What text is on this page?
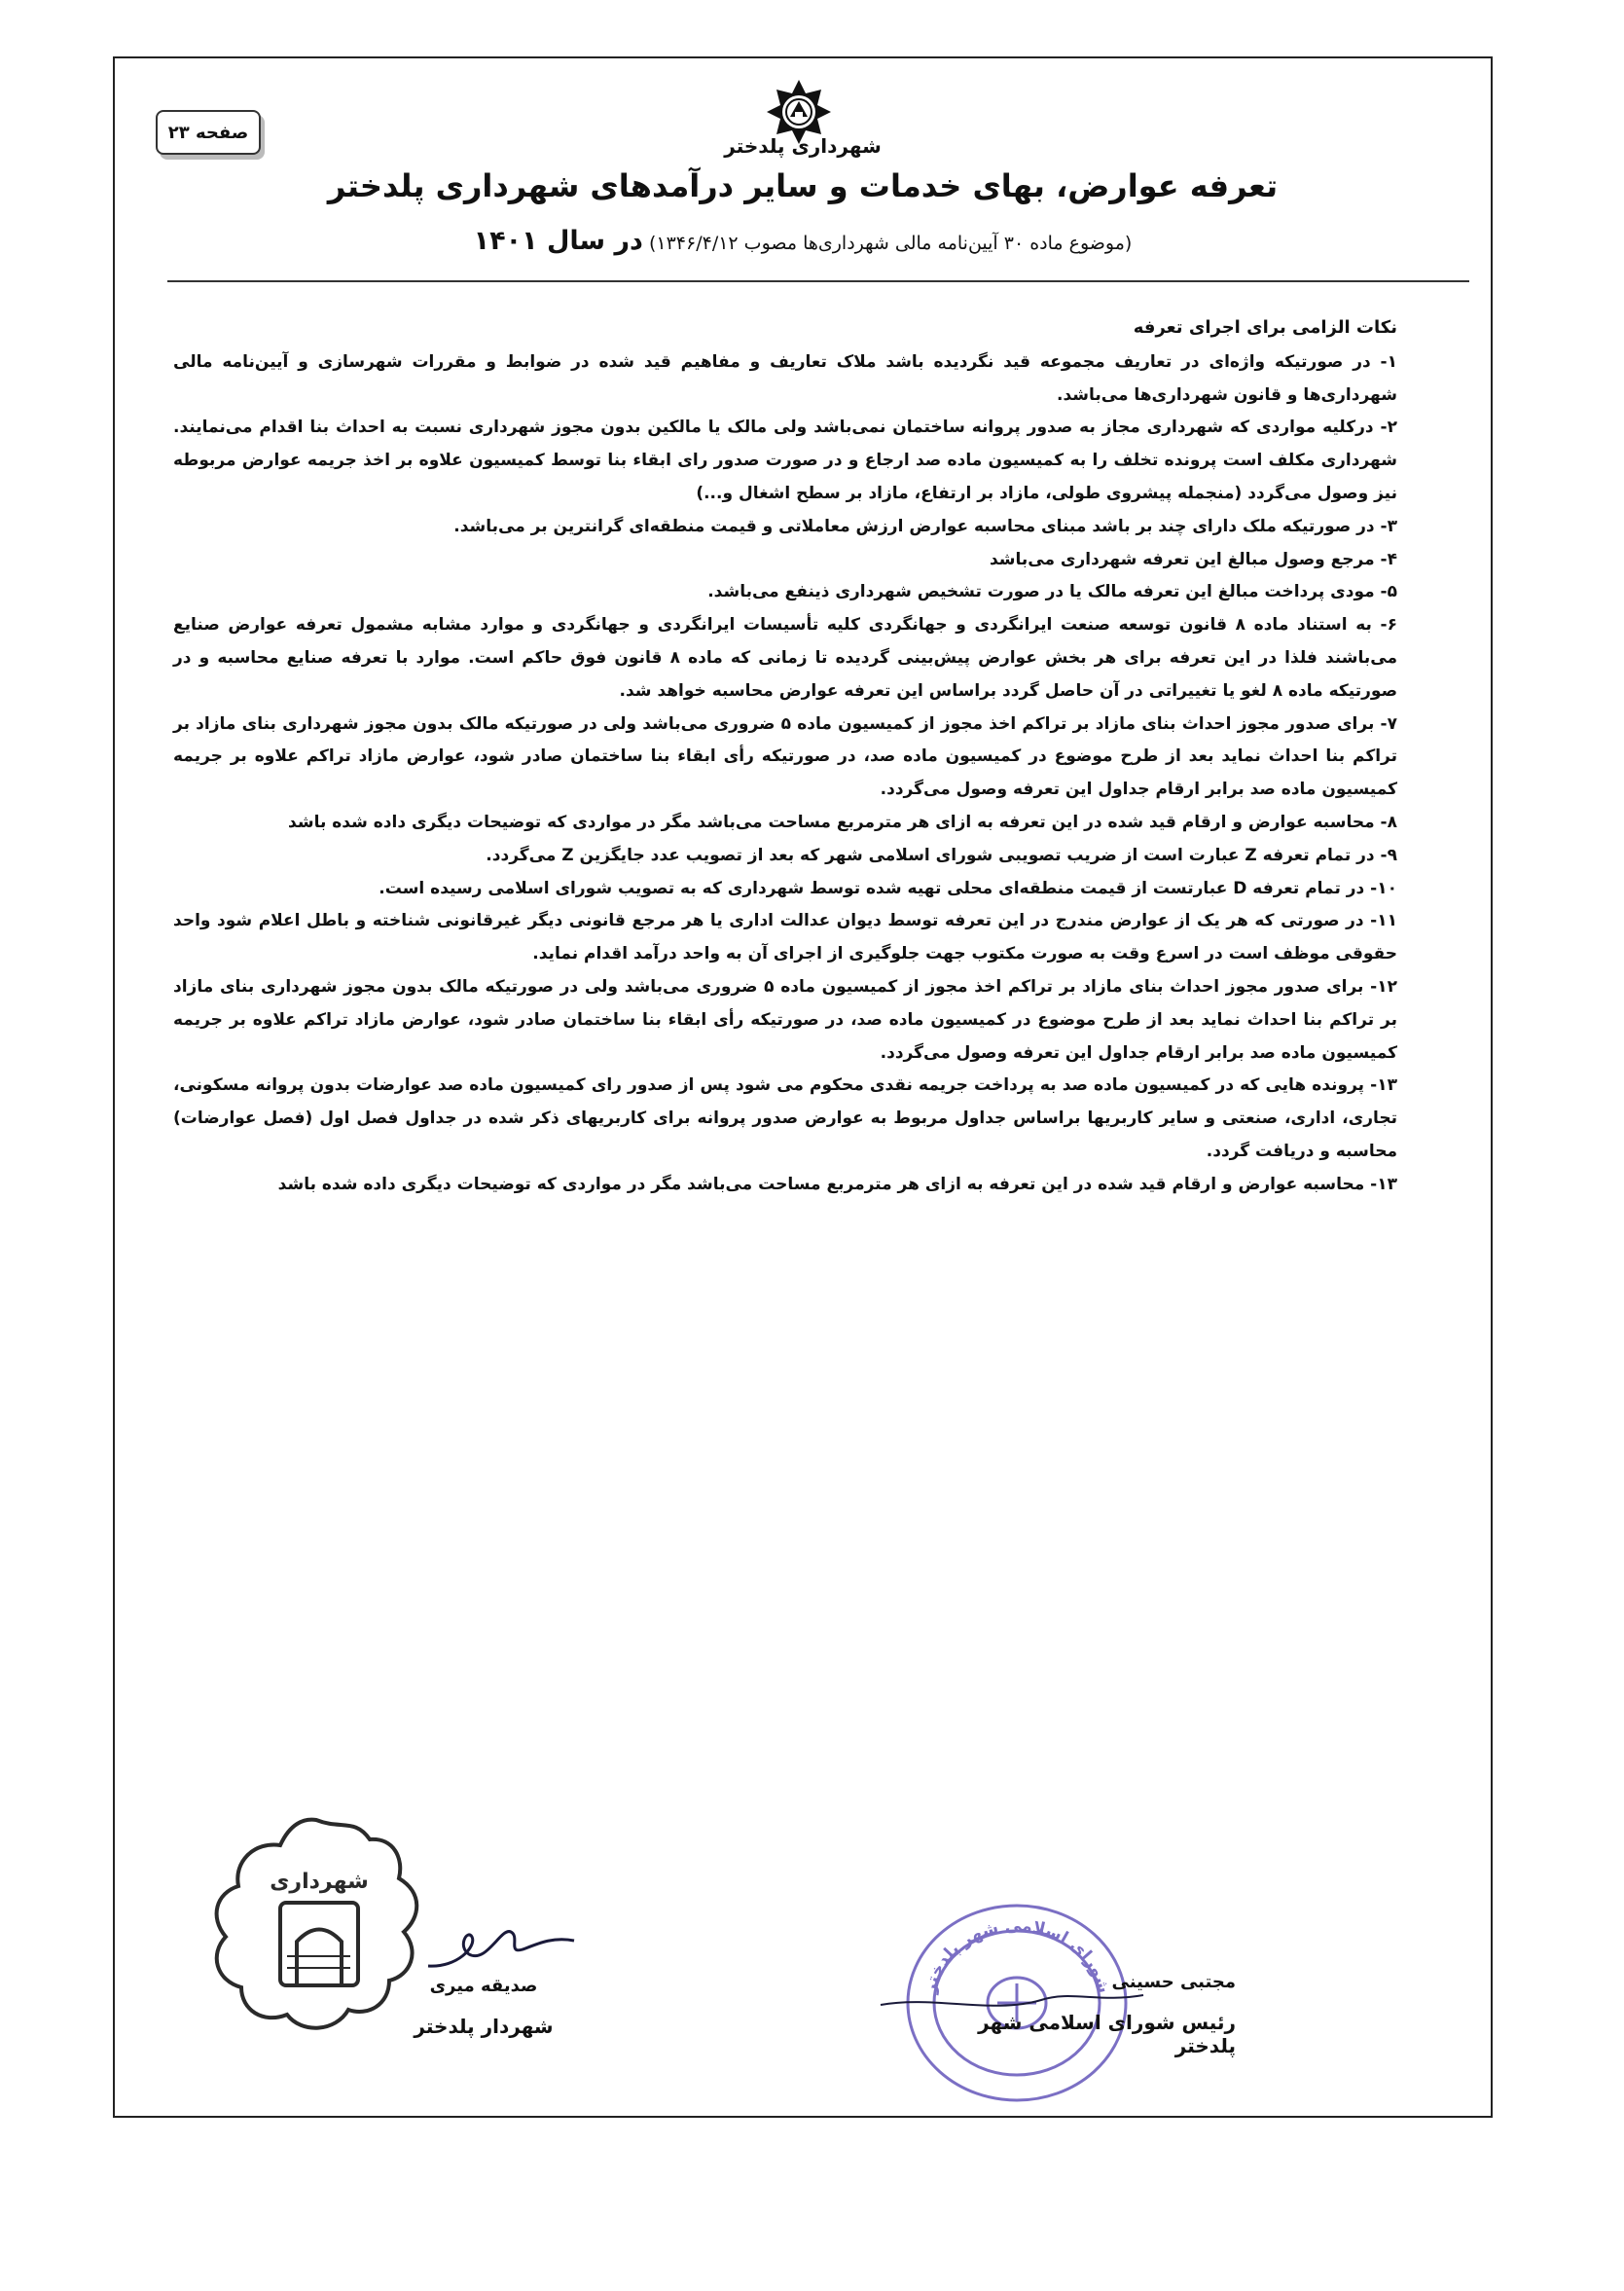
صفحه ۲۳
شهرداری پلدختر
تعرفه عوارض، بهای خدمات و سایر درآمدهای شهرداری پلدختر
(موضوع ماده ۳۰ آیین‌نامه مالی شهرداری‌ها مصوب ۱۳۴۶/۴/۱۲) در سال ۱۴۰۱

نکات الزامی برای اجرای تعرفه

۱- در صورتیکه واژه‌ای در تعاریف مجموعه قید نگردیده باشد ملاک تعاریف و مفاهیم قید شده در ضوابط و مقررات شهرسازی و آیین‌نامه مالی شهرداری‌ها و قانون شهرداری‌ها می‌باشد.

۲- درکلیه مواردی که شهرداری مجاز به صدور پروانه ساختمان نمی‌باشد ولی مالک یا مالکین بدون مجوز شهرداری نسبت به احداث بنا اقدام می‌نمایند. شهرداری مکلف است پرونده تخلف را به کمیسیون ماده صد ارجاع و در صورت صدور رای ابقاء بنا توسط کمیسیون علاوه بر اخذ جریمه عوارض مربوطه نیز وصول می‌گردد (منجمله پیشروی طولی، مازاد بر ارتفاع، مازاد بر سطح اشغال و...)

۳- در صورتیکه ملک دارای چند بر باشد مبنای محاسبه عوارض ارزش معاملاتی و قیمت منطقه‌ای گرانترین بر می‌باشد.

۴- مرجع وصول مبالغ این تعرفه شهرداری می‌باشد

۵- مودی پرداخت مبالغ این تعرفه مالک یا در صورت تشخیص شهرداری ذینفع می‌باشد.

۶- به استناد ماده ۸ قانون توسعه صنعت ایرانگردی و جهانگردی کلیه تأسیسات ایرانگردی و جهانگردی و موارد مشابه مشمول تعرفه عوارض صنایع می‌باشند فلذا در این تعرفه برای هر بخش عوارض پیش‌بینی گردیده تا زمانی که ماده ۸ قانون فوق حاکم است. موارد با تعرفه صنایع محاسبه و در صورتیکه ماده ۸ لغو یا تغییراتی در آن حاصل گردد براساس این تعرفه عوارض محاسبه خواهد شد.

۷- برای صدور مجوز احداث بنای مازاد بر تراکم اخذ مجوز از کمیسیون ماده ۵ ضروری می‌باشد ولی در صورتیکه مالک بدون مجوز شهرداری بنای مازاد بر تراکم بنا احداث نماید بعد از طرح موضوع در کمیسیون ماده صد، در صورتیکه رأی ابقاء بنا ساختمان صادر شود، عوارض مازاد تراکم علاوه بر جریمه کمیسیون ماده صد برابر ارقام جداول این تعرفه وصول می‌گردد.

۸- محاسبه عوارض و ارقام قید شده در این تعرفه به ازای هر مترمربع مساحت می‌باشد مگر در مواردی که توضیحات دیگری داده شده باشد

۹- در تمام تعرفه Z عبارت است از ضریب تصویبی شورای اسلامی شهر که بعد از تصویب عدد جایگزین Z می‌گردد.

۱۰- در تمام تعرفه D عبارتست از قیمت منطقه‌ای محلی تهیه شده توسط شهرداری که به تصویب شورای اسلامی رسیده است.

۱۱- در صورتی که هر یک از عوارض مندرج در این تعرفه توسط دیوان عدالت اداری یا هر مرجع قانونی دیگر غیرقانونی شناخته و باطل اعلام شود واحد حقوقی موظف است در اسرع وقت به صورت مکتوب جهت جلوگیری از اجرای آن به واحد درآمد اقدام نماید.

۱۲- برای صدور مجوز احداث بنای مازاد بر تراکم اخذ مجوز از کمیسیون ماده ۵ ضروری می‌باشد ولی در صورتیکه مالک بدون مجوز شهرداری بنای مازاد بر تراکم بنا احداث نماید بعد از طرح موضوع در کمیسیون ماده صد، در صورتیکه رأی ابقاء بنا ساختمان صادر شود، عوارض مازاد تراکم علاوه بر جریمه کمیسیون ماده صد برابر ارقام جداول این تعرفه وصول می‌گردد.

۱۳- پرونده هایی که در کمیسیون ماده صد به پرداخت جریمه نقدی محکوم می شود پس از صدور رای کمیسیون ماده صد عوارضات بدون پروانه مسکونی، تجاری، اداری، صنعتی و سایر کاربریها براساس جداول مربوط به عوارض صدور پروانه برای کاربریهای ذکر شده در جداول فصل اول (فصل عوارضات) محاسبه و دریافت گردد.

۱۳- محاسبه عوارض و ارقام قید شده در این تعرفه به ازای هر مترمربع مساحت می‌باشد مگر در مواردی که توضیحات دیگری داده شده باشد

شهرداری
شورای اسلامی شهر پلدختر
صدیقه میری
شهردار پلدختر
مجتبی حسینی
رئیس شورای اسلامی شهر پلدختر
